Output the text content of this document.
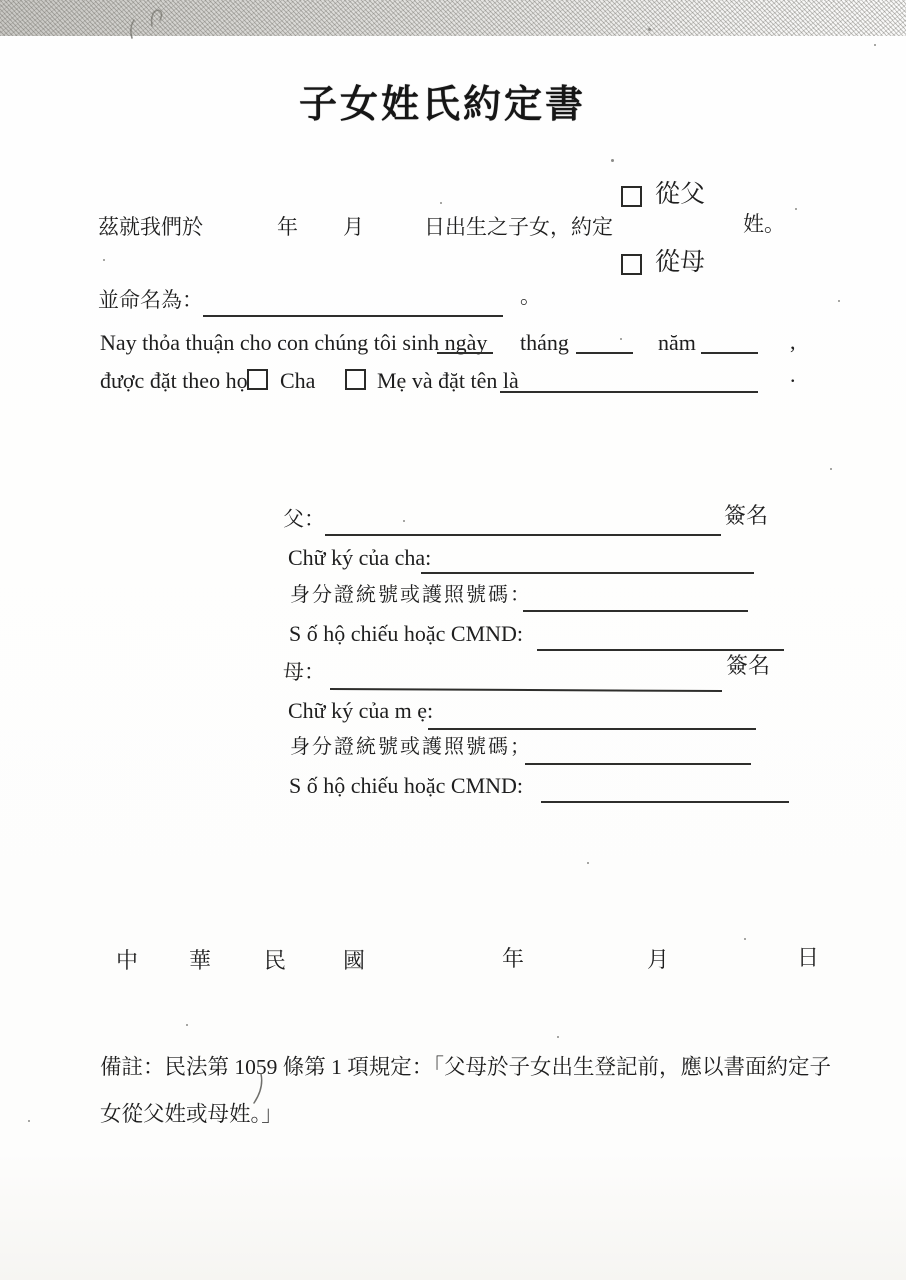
子女姓氏約定書
茲就我們於	年 月	日出生之子女，約定	姓。
從父
從母
並命名為：	。
Nay thỏa thuận cho con chúng tôi sinh ngày tháng	năm	,
được đặt theo họ Cha	Mẹ và đặt tên là	.
父：	簽名
Chữ ký của cha:
身分證統號或護照號碼：
S ố hộ chiếu hoặc CMND:
母：	簽名
Chữ ký của m ẹ:
身分證統號或護照號碼；
S ố hộ chiếu hoặc CMND:
中 華 民	國	年	月	日
備註：民法第 1059 條第 1 項規定：「父母於子女出生登記前，應以書面約定子
女從父姓或母姓。」
